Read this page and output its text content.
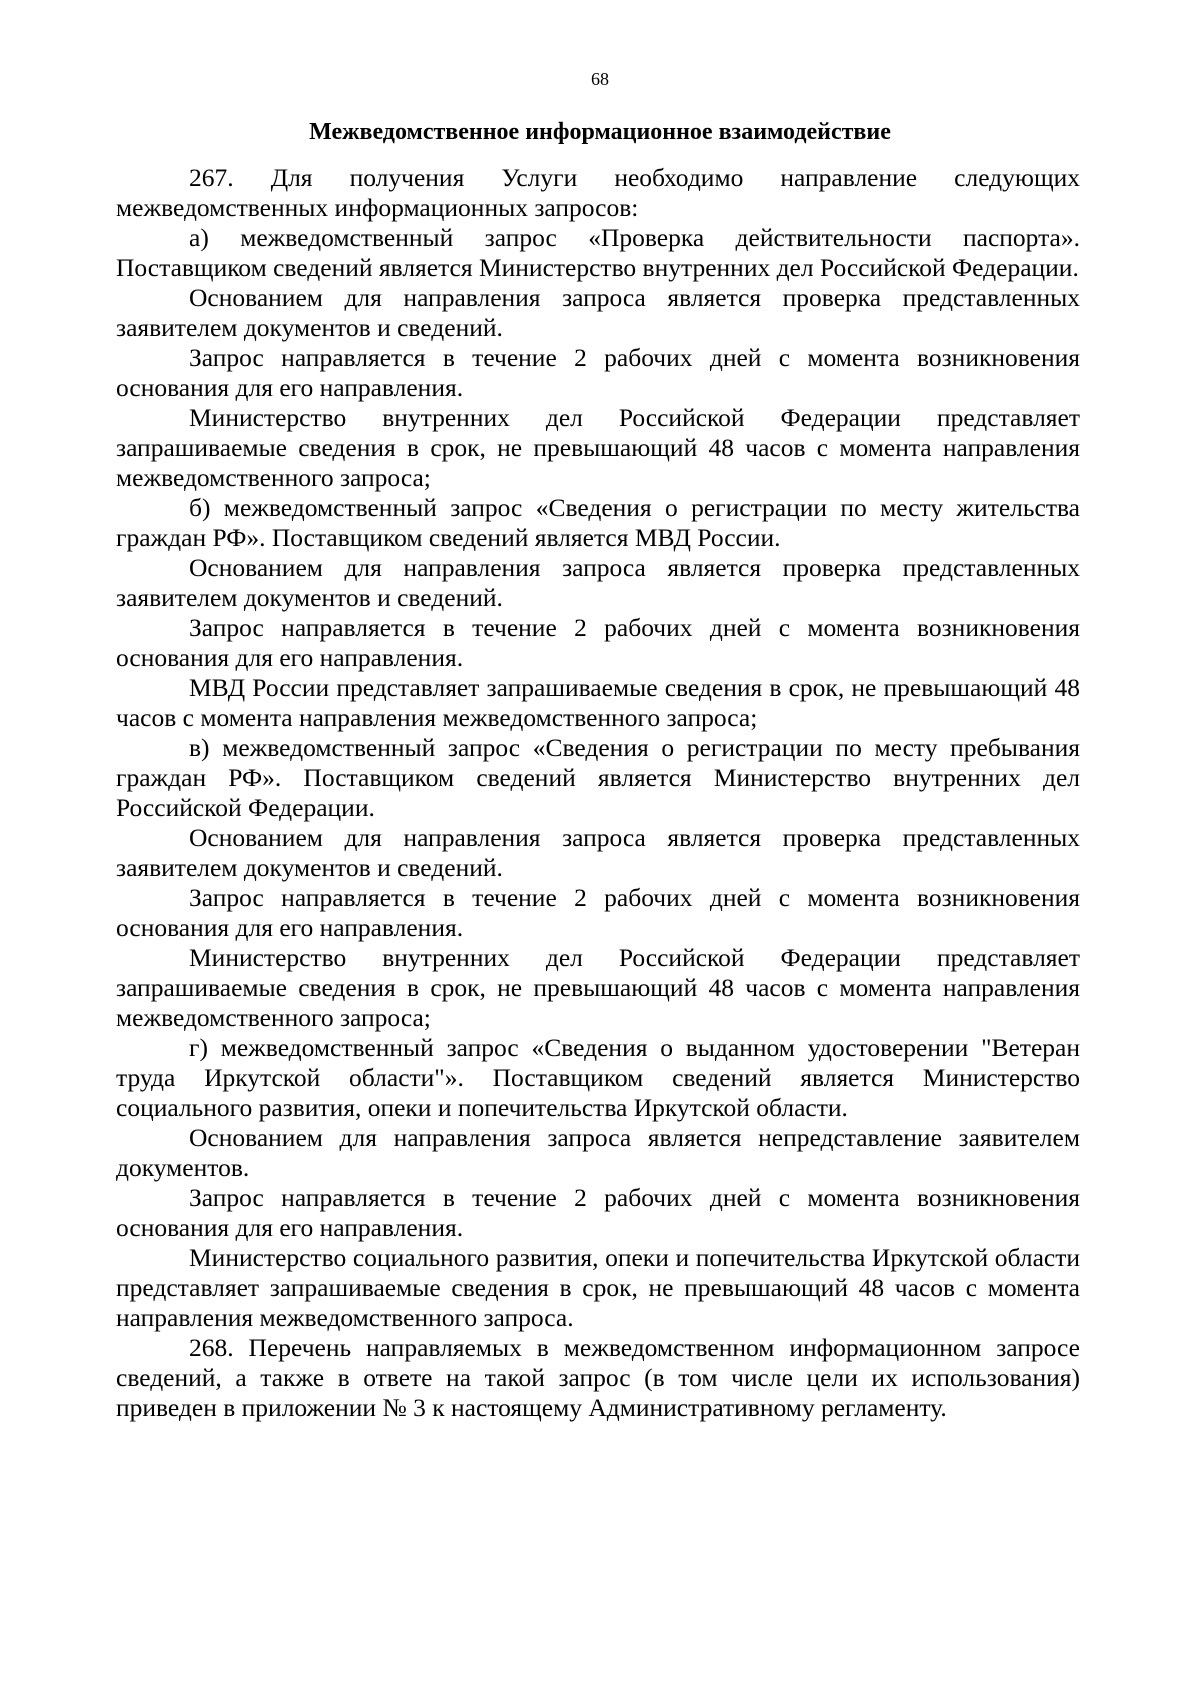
68
Межведомственное информационное взаимодействие

267. Для получения Услуги необходимо направление следующих межведомственных информационных запросов:

а) межведомственный запрос «Проверка действительности паспорта». Поставщиком сведений является Министерство внутренних дел Российской Федерации.

Основанием для направления запроса является проверка представленных заявителем документов и сведений.

Запрос направляется в течение 2 рабочих дней с момента возникновения основания для его направления.

Министерство внутренних дел Российской Федерации представляет запрашиваемые сведения в срок, не превышающий 48 часов с момента направления межведомственного запроса;

б) межведомственный запрос «Сведения о регистрации по месту жительства граждан РФ». Поставщиком сведений является МВД России.

Основанием для направления запроса является проверка представленных заявителем документов и сведений.

Запрос направляется в течение 2 рабочих дней с момента возникновения основания для его направления.

МВД России представляет запрашиваемые сведения в срок, не превышающий 48 часов с момента направления межведомственного запроса;

в) межведомственный запрос «Сведения о регистрации по месту пребывания граждан РФ». Поставщиком сведений является Министерство внутренних дел Российской Федерации.

Основанием для направления запроса является проверка представленных заявителем документов и сведений.

Запрос направляется в течение 2 рабочих дней с момента возникновения основания для его направления.

Министерство внутренних дел Российской Федерации представляет запрашиваемые сведения в срок, не превышающий 48 часов с момента направления межведомственного запроса;

г) межведомственный запрос «Сведения о выданном удостоверении "Ветеран труда Иркутской области"». Поставщиком сведений является Министерство социального развития, опеки и попечительства Иркутской области.

Основанием для направления запроса является непредставление заявителем документов.

Запрос направляется в течение 2 рабочих дней с момента возникновения основания для его направления.

Министерство социального развития, опеки и попечительства Иркутской области представляет запрашиваемые сведения в срок, не превышающий 48 часов с момента направления межведомственного запроса.

268. Перечень направляемых в межведомственном информационном запросе сведений, а также в ответе на такой запрос (в том числе цели их использования) приведен в приложении № 3 к настоящему Административному регламенту.
